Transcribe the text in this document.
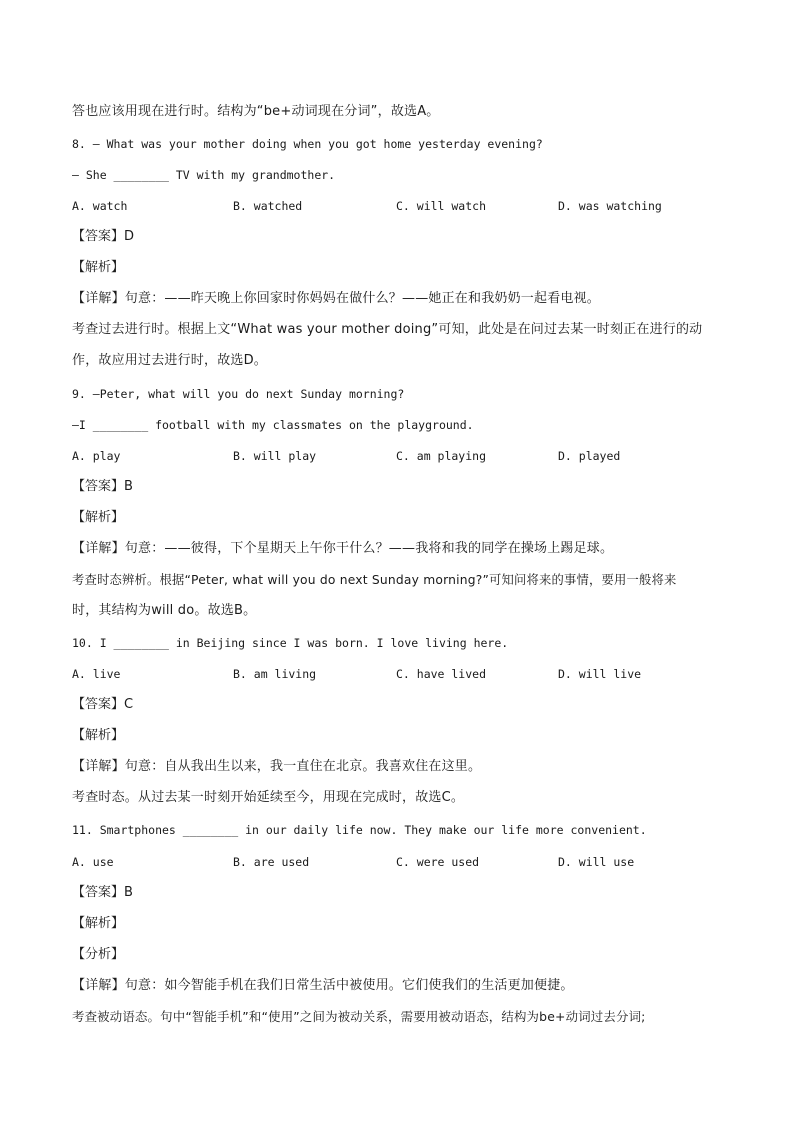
答也应该用现在进行时。结构为“be+动词现在分词”，故选A。
8. — What was your mother doing when you got home yesterday evening?
— She ________ TV with my grandmother.
A. watch	B. watched	C. will watch	D. was watching
【答案】D
【解析】
【详解】句意：——昨天晚上你回家时你妈妈在做什么？——她正在和我奶奶一起看电视。
考查过去进行时。根据上文“What was your mother doing”可知，此处是在问过去某一时刻正在进行的动
作，故应用过去进行时，故选D。
9. —Peter, what will you do next Sunday morning?
—I ________ football with my classmates on the playground.
A. play	B. will play	C. am playing	D. played
【答案】B
【解析】
【详解】句意：——彼得，下个星期天上午你干什么？——我将和我的同学在操场上踢足球。
考查时态辨析。根据“Peter, what will you do next Sunday morning?”可知问将来的事情，要用一般将来
时，其结构为will do。故选B。
10. I ________ in Beijing since I was born. I love living here.
A. live	B. am living	C. have lived	D. will live
【答案】C
【解析】
【详解】句意：自从我出生以来，我一直住在北京。我喜欢住在这里。
考查时态。从过去某一时刻开始延续至今，用现在完成时，故选C。
11. Smartphones ________ in our daily life now. They make our life more convenient.
A. use	B. are used	C. were used	D. will use
【答案】B
【解析】
【分析】
【详解】句意：如今智能手机在我们日常生活中被使用。它们使我们的生活更加便捷。
考查被动语态。句中“智能手机”和“使用”之间为被动关系，需要用被动语态，结构为be+动词过去分词;
